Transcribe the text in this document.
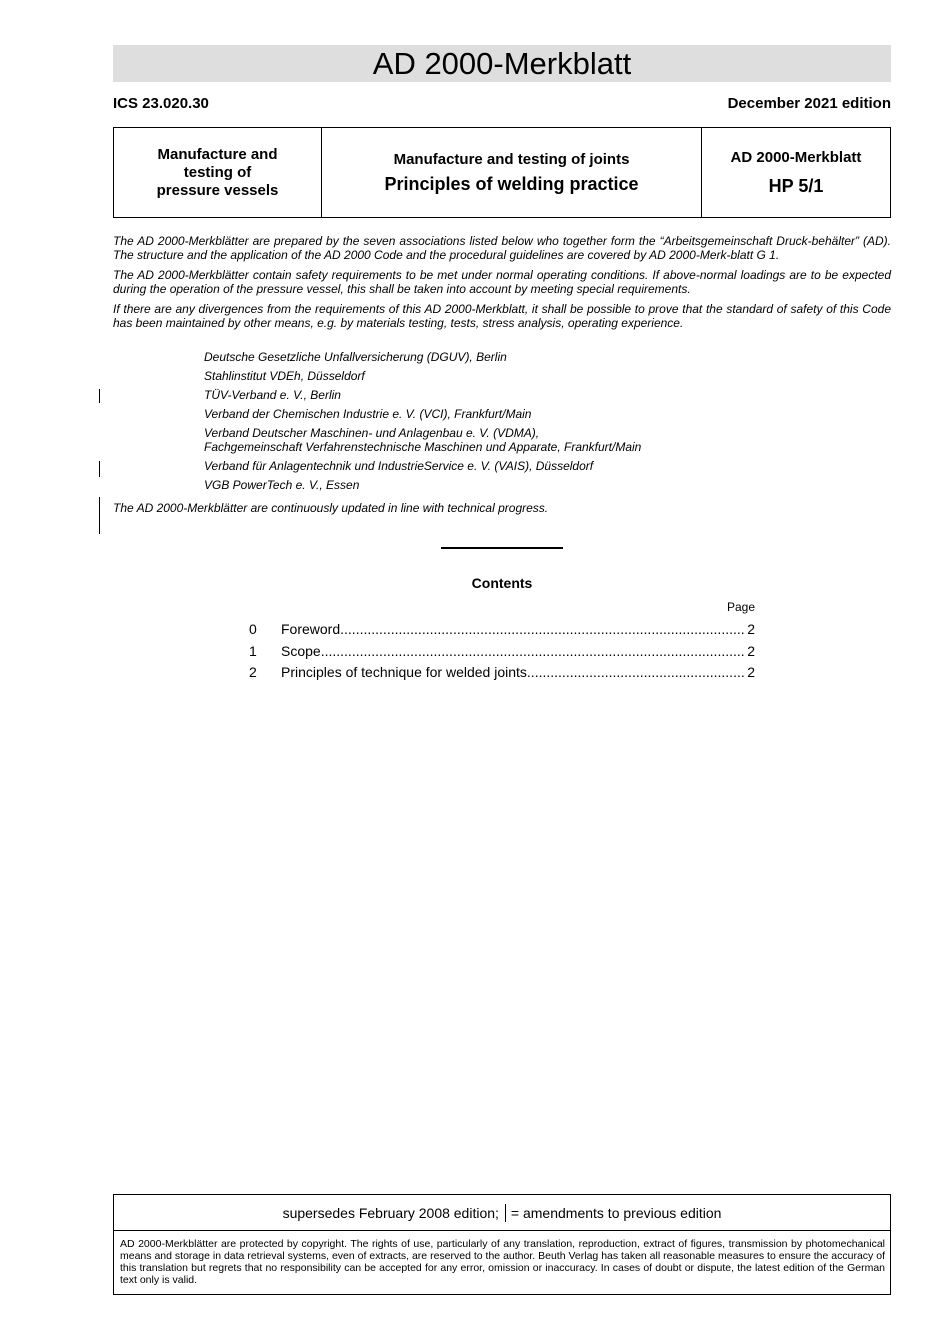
AD 2000-Merkblatt
ICS 23.020.30	December 2021 edition
Manufacture and testing of pressure vessels
Manufacture and testing of joints
Principles of welding practice
AD 2000-Merkblatt
HP 5/1

The AD 2000-Merkblätter are prepared by the seven associations listed below who together form the “Arbeitsgemeinschaft Druck-behälter” (AD). The structure and the application of the AD 2000 Code and the procedural guidelines are covered by AD 2000-Merk-blatt G 1.

The AD 2000-Merkblätter contain safety requirements to be met under normal operating conditions. If above-normal loadings are to be expected during the operation of the pressure vessel, this shall be taken into account by meeting special requirements.

If there are any divergences from the requirements of this AD 2000-Merkblatt, it shall be possible to prove that the standard of safety of this Code has been maintained by other means, e.g. by materials testing, tests, stress analysis, operating experience.

Deutsche Gesetzliche Unfallversicherung (DGUV), Berlin
Stahlinstitut VDEh, Düsseldorf
TÜV-Verband e. V., Berlin
Verband der Chemischen Industrie e. V. (VCI), Frankfurt/Main
Verband Deutscher Maschinen- und Anlagenbau e. V. (VDMA),
Fachgemeinschaft Verfahrenstechnische Maschinen und Apparate, Frankfurt/Main
Verband für Anlagentechnik und IndustrieService e. V. (VAIS), Düsseldorf
VGB PowerTech e. V., Essen
The AD 2000-Merkblätter are continuously updated in line with technical progress.
Contents
Page
0	Foreword .....	2
1	Scope .....	2
2	Principles of technique for welded joints .....	2
supersedes February 2008 edition; = amendments to previous edition
AD 2000-Merkblätter are protected by copyright. The rights of use, particularly of any translation, reproduction, extract of figures, transmission by photomechanical means and storage in data retrieval systems, even of extracts, are reserved to the author. Beuth Verlag has taken all reasonable measures to ensure the accuracy of this translation but regrets that no responsibility can be accepted for any error, omission or inaccuracy. In cases of doubt or dispute, the latest edition of the German text only is valid.
